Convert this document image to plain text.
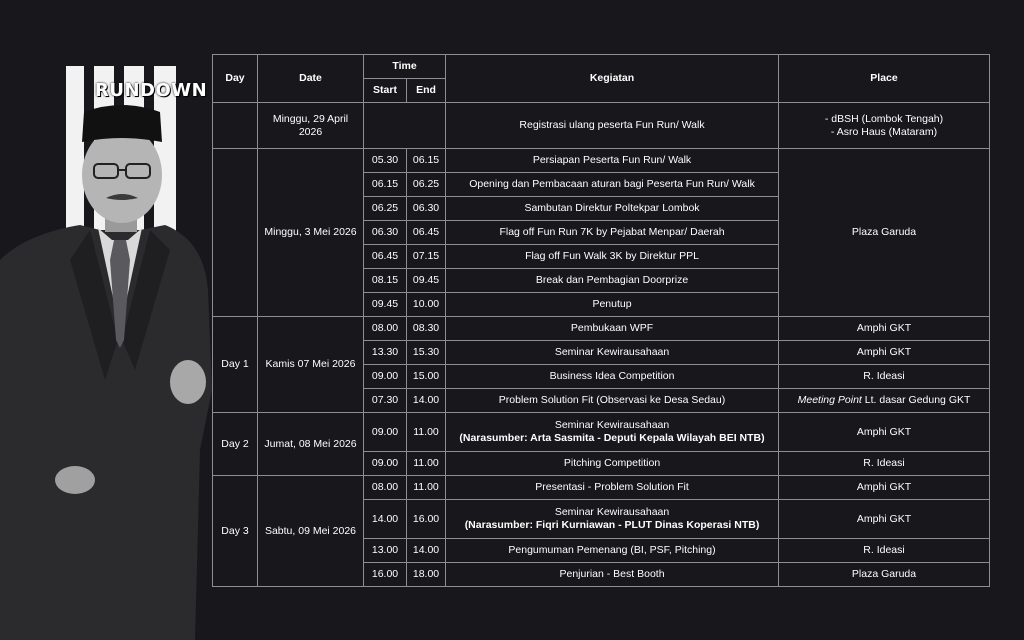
RUNDOWN
Day	Date	Time		Kegiatan	Place
		Start	End		
	Minggu, 29 April 2026			Registrasi ulang peserta Fun Run/ Walk	- dBSH (Lombok Tengah)
- Asro Haus (Mataram)

	Minggu, 3 Mei 2026	05.30	06.15	Persiapan Peserta Fun Run/ Walk	Plaza Garuda
		06.15	06.25	Opening dan Pembacaan aturan bagi Peserta Fun Run/ Walk	
		06.25	06.30	Sambutan Direktur Poltekpar Lombok	
		06.30	06.45	Flag off Fun Run 7K by Pejabat Menpar/ Daerah	
		06.45	07.15	Flag off Fun Walk 3K by Direktur PPL	
		08.15	09.45	Break dan Pembagian Doorprize	
		09.45	10.00	Penutup	
Day 1	Kamis 07 Mei 2026	08.00	08.30	Pembukaan WPF	Amphi GKT
		13.30	15.30	Seminar Kewirausahaan	Amphi GKT
		09.00	15.00	Business Idea Competition	R. Ideasi
		07.30	14.00	Problem Solution Fit (Observasi ke Desa Sedau)	Meeting Point Lt. dasar Gedung GKT
Day 2	Jumat, 08 Mei 2026	09.00	11.00	Seminar Kewirausahaan
(Narasumber: Arta Sasmita - Deputi Kepala Wilayah BEI NTB)	Amphi GKT
		09.00	11.00	Pitching Competition	R. Ideasi
Day 3	Sabtu, 09 Mei 2026	08.00	11.00	Presentasi - Problem Solution Fit	Amphi GKT
		14.00	16.00	Seminar Kewirausahaan
(Narasumber: Fiqri Kurniawan - PLUT Dinas Koperasi NTB)	Amphi GKT
		13.00	14.00	Pengumuman Pemenang (BI, PSF, Pitching)	R. Ideasi
		16.00	18.00	Penjurian - Best Booth	Plaza Garuda
